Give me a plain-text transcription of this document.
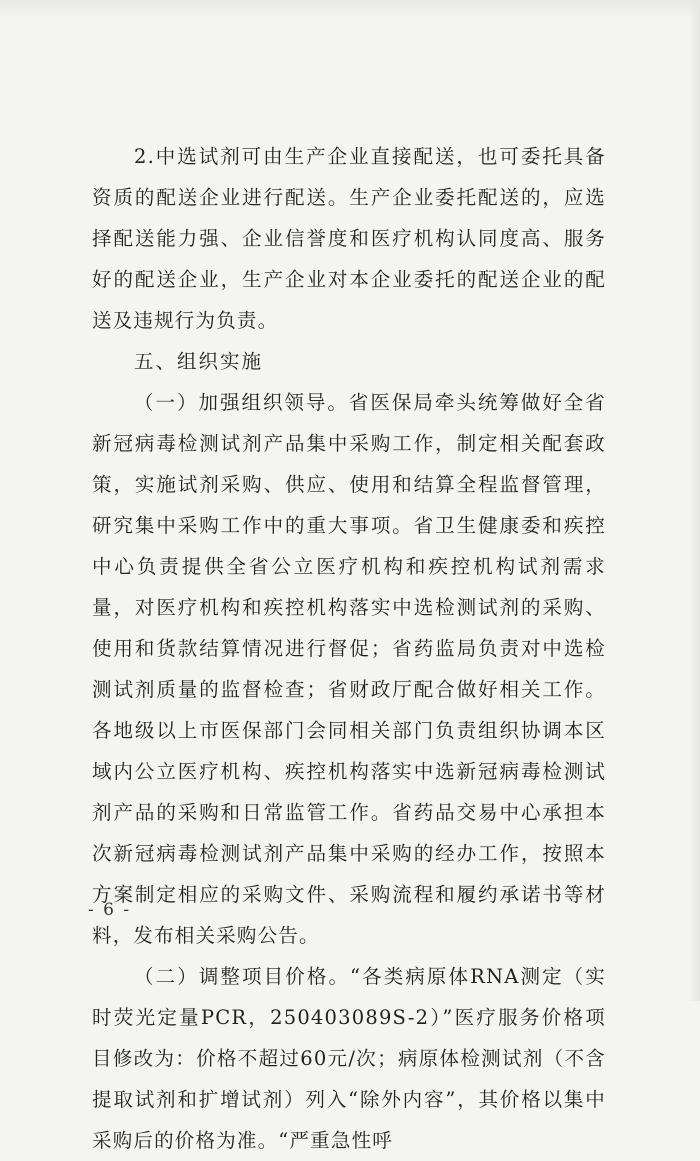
2.中选试剂可由生产企业直接配送，也可委托具备资质的配送企业进行配送。生产企业委托配送的，应选择配送能力强、企业信誉度和医疗机构认同度高、服务好的配送企业，生产企业对本企业委托的配送企业的配送及违规行为负责。

五、组织实施

（一）加强组织领导。省医保局牵头统筹做好全省新冠病毒检测试剂产品集中采购工作，制定相关配套政策，实施试剂采购、供应、使用和结算全程监督管理，研究集中采购工作中的重大事项。省卫生健康委和疾控中心负责提供全省公立医疗机构和疾控机构试剂需求量，对医疗机构和疾控机构落实中选检测试剂的采购、使用和货款结算情况进行督促；省药监局负责对中选检测试剂质量的监督检查；省财政厅配合做好相关工作。各地级以上市医保部门会同相关部门负责组织协调本区域内公立医疗机构、疾控机构落实中选新冠病毒检测试剂产品的采购和日常监管工作。省药品交易中心承担本次新冠病毒检测试剂产品集中采购的经办工作，按照本方案制定相应的采购文件、采购流程和履约承诺书等材料，发布相关采购公告。

（二）调整项目价格。“各类病原体RNA测定（实时荧光定量PCR，250403089S-2）”医疗服务价格项目修改为：价格不超过60元/次；病原体检测试剂（不含提取试剂和扩增试剂）列入“除外内容”，其价格以集中采购后的价格为准。“严重急性呼

- 6 -
